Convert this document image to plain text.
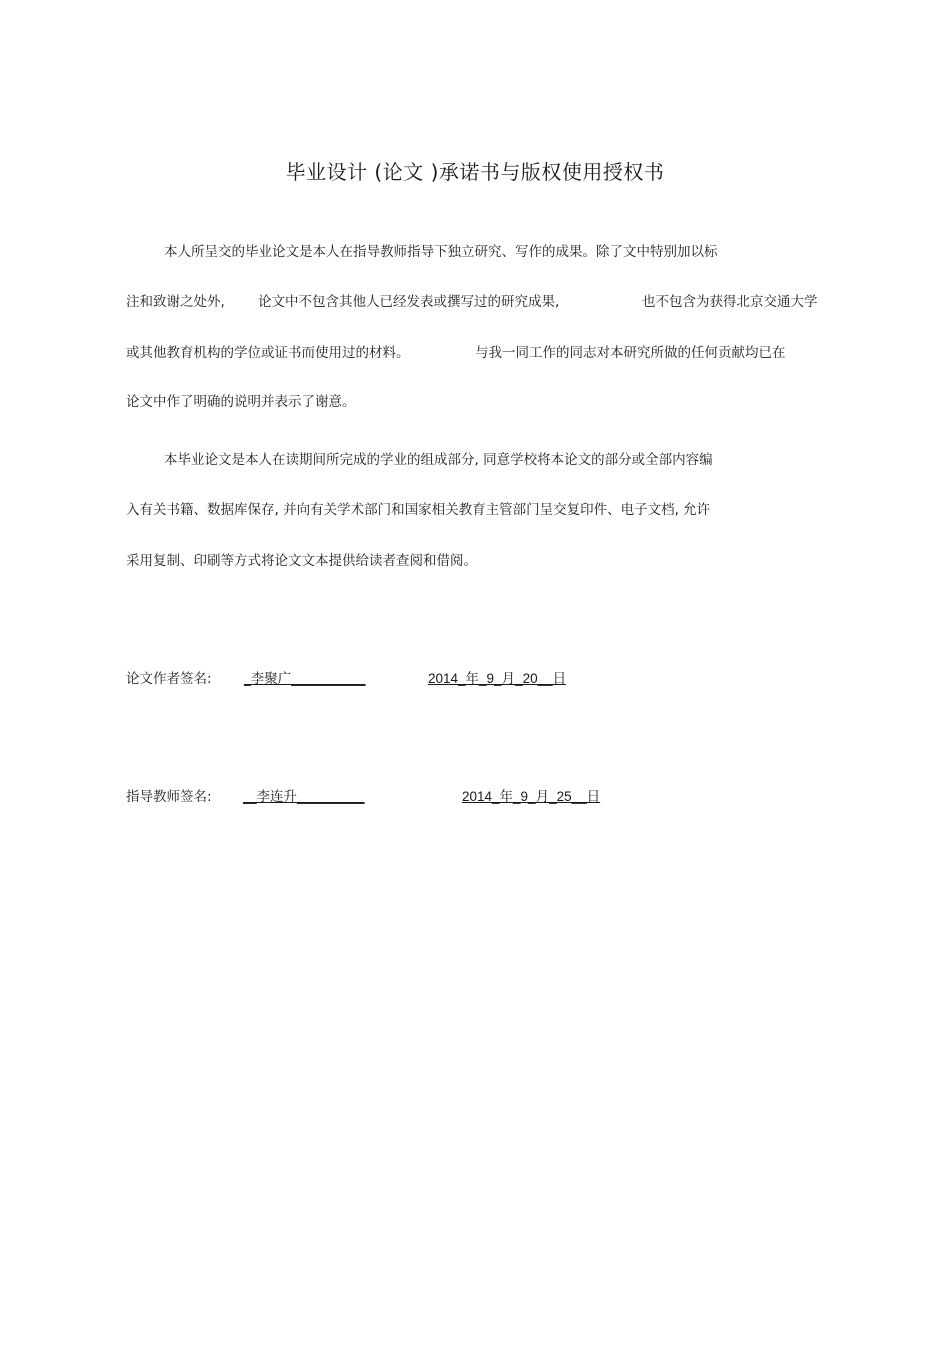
毕业设计 (论文 )承诺书与版权使用授权书
本人所呈交的毕业论文是本人在指导教师指导下独立研究、写作的成果。除了文中特别加以标
注和致谢之处外, 论文中不包含其他人已经发表或撰写过的研究成果,	也不包含为获得北京交通大学
或其他教育机构的学位或证书而使用过的材料。	与我一同工作的同志对本研究所做的任何贡献均已在
论文中作了明确的说明并表示了谢意。
本毕业论文是本人在读期间所完成的学业的组成部分, 同意学校将本论文的部分或全部内容编
入有关书籍、数据库保存, 并向有关学术部门和国家相关教育主管部门呈交复印件、电子文档, 允许
采用复制、印刷等方式将论文文本提供给读者查阅和借阅。
论文作者签名: _李聚广___________	2014_年_9_月_20__日
指导教师签名: __李连升__________	2014_年_9_月_25__日
